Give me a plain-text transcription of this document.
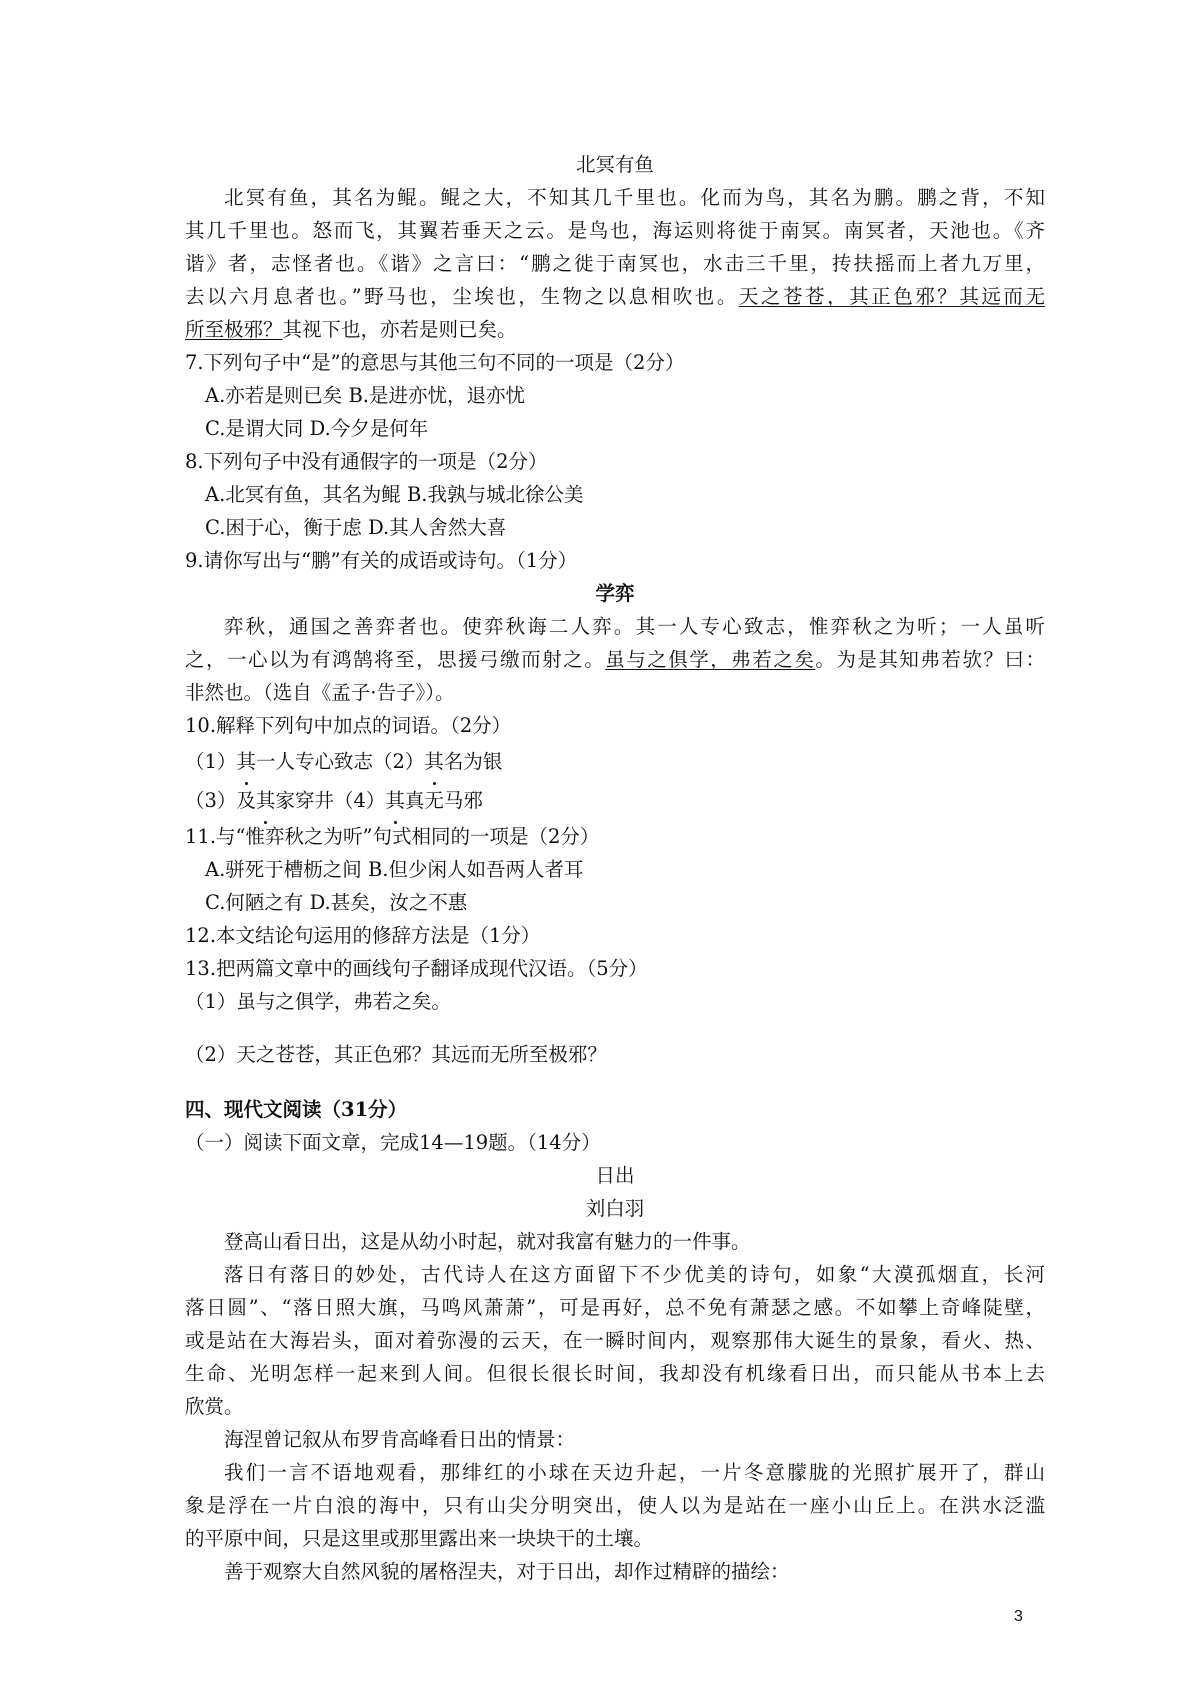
北冥有鱼

北冥有鱼，其名为鲲。鲲之大，不知其几千里也。化而为鸟，其名为鹏。鹏之背，不知

其几千里也。怒而飞，其翼若垂天之云。是鸟也，海运则将徙于南冥。南冥者，天池也。《齐

谐》者，志怪者也。《谐》之言曰：“鹏之徙于南冥也，水击三千里，抟扶摇而上者九万里，

去以六月息者也。”野马也，尘埃也，生物之以息相吹也。天之苍苍，其正色邪？其远而无

所至极邪？其视下也，亦若是则已矣。

7.下列句子中“是”的意思与其他三句不同的一项是（2分）

A.亦若是则已矣 B.是进亦忧，退亦忧

C.是谓大同 D.今夕是何年

8.下列句子中没有通假字的一项是（2分）

A.北冥有鱼，其名为鲲 B.我孰与城北徐公美

C.困于心，衡于虑 D.其人舍然大喜

9.请你写出与“鹏”有关的成语或诗句。（1分）

学弈

弈秋，通国之善弈者也。使弈秋诲二人弈。其一人专心致志，惟弈秋之为听；一人虽听

之，一心以为有鸿鹄将至，思援弓缴而射之。虽与之俱学，弗若之矣。为是其知弗若欤？曰：

非然也。（选自《孟子·告子》）。

10.解释下列句中加点的词语。（2分）

（1）其一人专心致志（2）其名为银

（3）及其家穿井（4）其真无马邪

11.与“惟弈秋之为听”句式相同的一项是（2分）

A.骈死于槽枥之间 B.但少闲人如吾两人者耳

C.何陋之有 D.甚矣，汝之不惠

12.本文结论句运用的修辞方法是（1分）

13.把两篇文章中的画线句子翻译成现代汉语。（5分）

（1）虽与之俱学，弗若之矣。

（2）天之苍苍，其正色邪？其远而无所至极邪？

四、现代文阅读（31分）

（一）阅读下面文章，完成14—19题。（14分）

日出

刘白羽

登高山看日出，这是从幼小时起，就对我富有魅力的一件事。

落日有落日的妙处，古代诗人在这方面留下不少优美的诗句，如象“大漠孤烟直，长河

落日圆”、“落日照大旗，马鸣风萧萧”，可是再好，总不免有萧瑟之感。不如攀上奇峰陡壁，

或是站在大海岩头，面对着弥漫的云天，在一瞬时间内，观察那伟大诞生的景象，看火、热、

生命、光明怎样一起来到人间。但很长很长时间，我却没有机缘看日出，而只能从书本上去

欣赏。

海涅曾记叙从布罗肯高峰看日出的情景：

我们一言不语地观看，那绯红的小球在天边升起，一片冬意朦胧的光照扩展开了，群山

象是浮在一片白浪的海中，只有山尖分明突出，使人以为是站在一座小山丘上。在洪水泛滥

的平原中间，只是这里或那里露出来一块块干的土壤。

善于观察大自然风貌的屠格涅夫，对于日出，却作过精辟的描绘：

3
